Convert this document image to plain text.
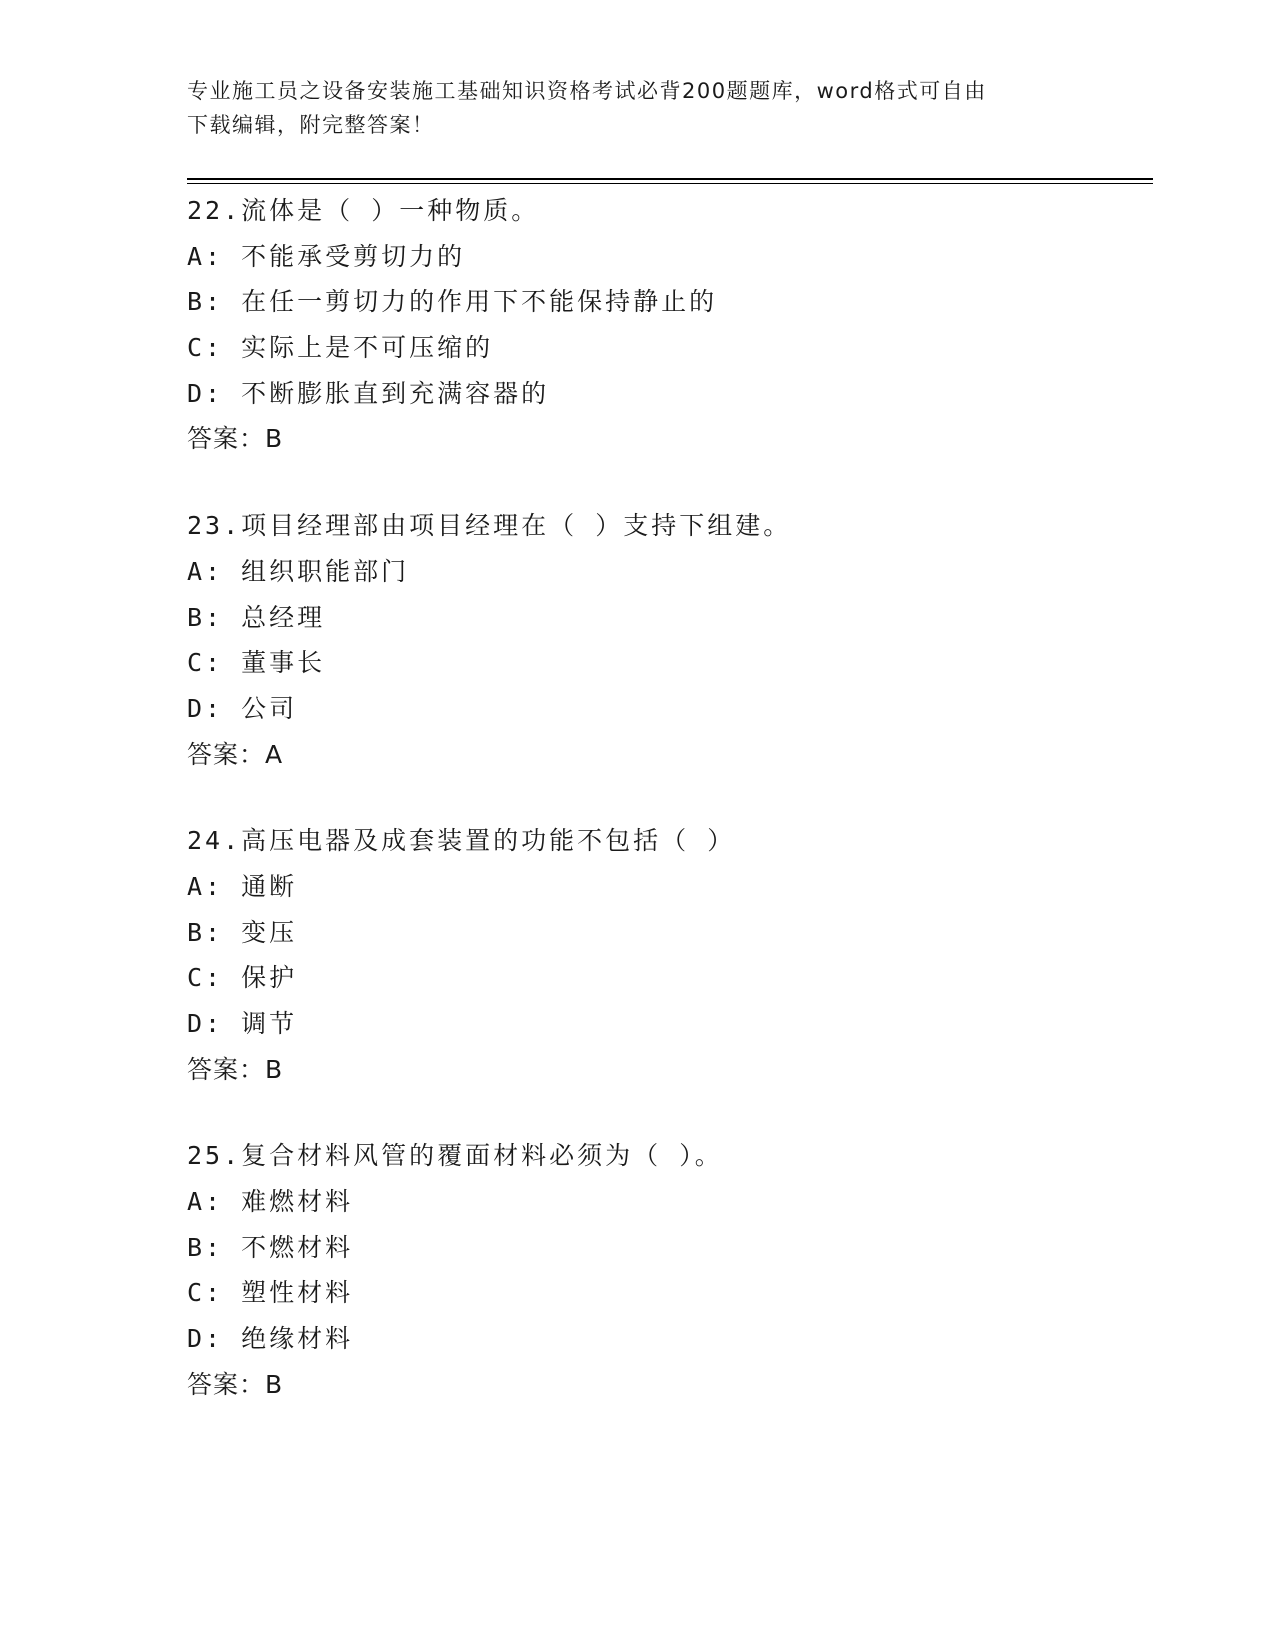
专业施工员之设备安装施工基础知识资格考试必背200题题库，word格式可自由
下载编辑，附完整答案！
22.流体是（ ）一种物质。
A: 不能承受剪切力的
B: 在任一剪切力的作用下不能保持静止的
C: 实际上是不可压缩的
D: 不断膨胀直到充满容器的
答案：B
23.项目经理部由项目经理在（ ）支持下组建。
A: 组织职能部门
B: 总经理
C: 董事长
D: 公司
答案：A
24.高压电器及成套装置的功能不包括（ ）
A: 通断
B: 变压
C: 保护
D: 调节
答案：B
25.复合材料风管的覆面材料必须为（ ）。
A: 难燃材料
B: 不燃材料
C: 塑性材料
D: 绝缘材料
答案：B
